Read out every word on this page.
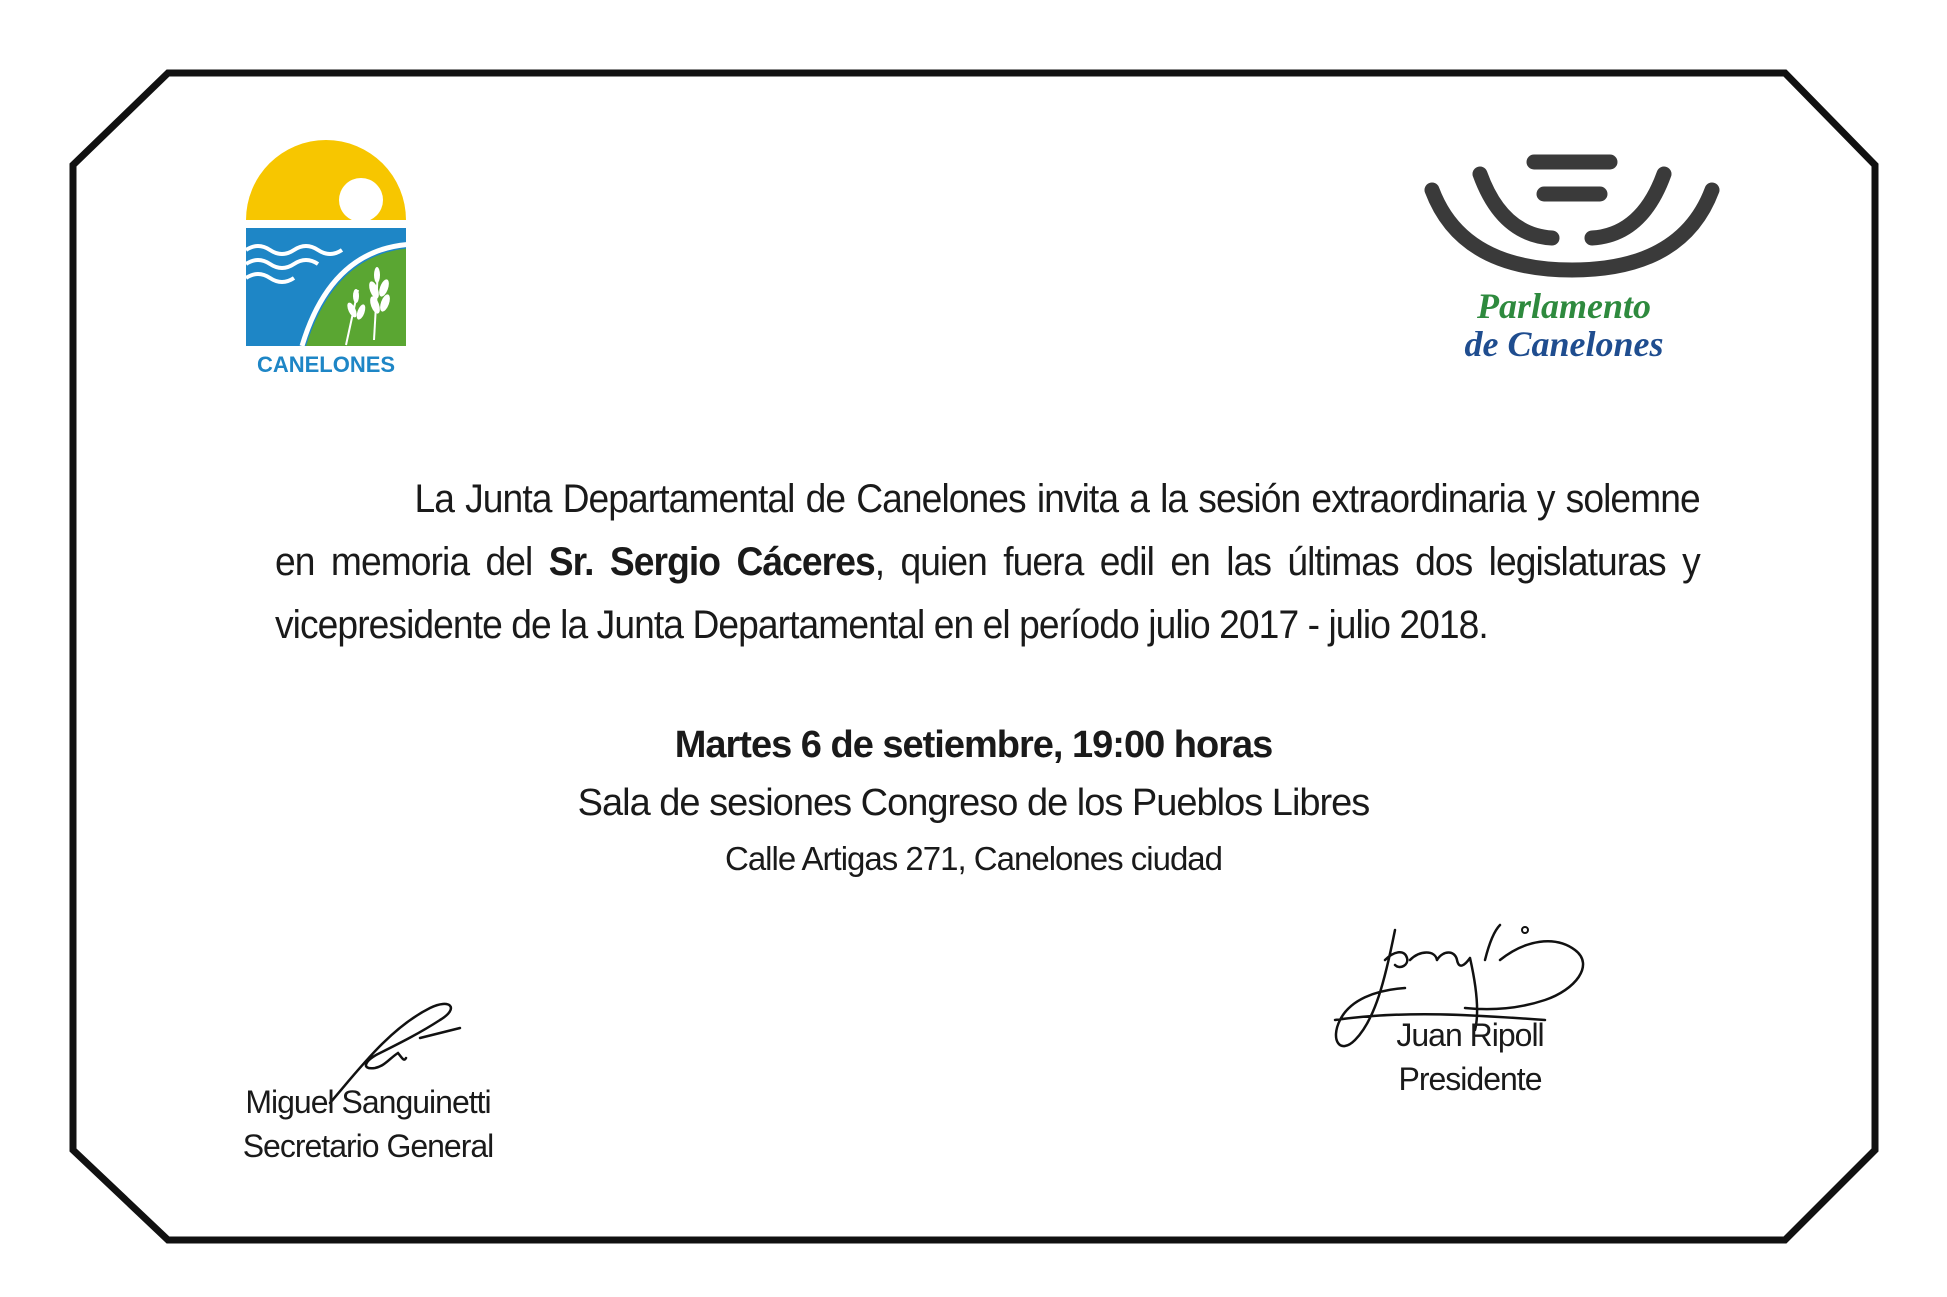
CANELONES
Parlamento
de Canelones
La Junta Departamental de Canelones invita a la sesión extraordinaria y solemne en memoria del Sr. Sergio Cáceres, quien fuera edil en las últimas dos legislaturas y vicepresidente de la Junta Departamental en el período julio 2017 - julio 2018.
Martes 6 de setiembre, 19:00 horas
Sala de sesiones Congreso de los Pueblos Libres
Calle Artigas 271, Canelones ciudad
Miguel Sanguinetti
Secretario General
Juan Ripoll
Presidente
